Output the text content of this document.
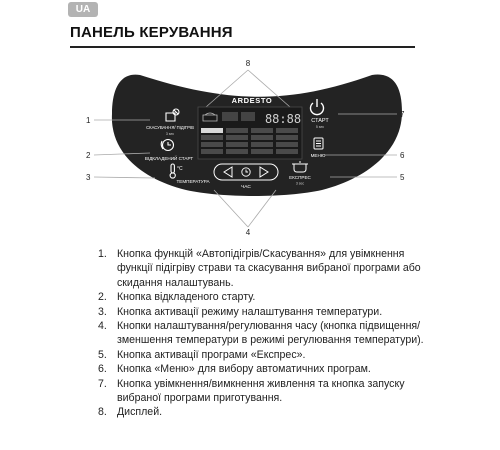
UA
ПАНЕЛЬ КЕРУВАННЯ
8
1
2
3
7
6
5
4
СКАСУВАННЯ/ ПІДІГРІВ
3 sec
ВІДКЛАДЕНИЙ СТАРТ
°C
ТЕМПЕРАТУРА
ARDESTO
88:88
ЧАС
СТАРТ
5 sec
МЕНЮ
ЕКСПРЕС
3 sec
1. Кнопка функцій «Автопідігрів/Скасування» для увімкнення функції підігріву страви та скасування вибраної програми або скидання налаштувань.
2. Кнопка відкладеного старту.
3. Кнопка активації режиму налаштування температури.
4. Кнопки налаштування/регулювання часу (кнопка підвищення/зменшення температури в режимі регулювання температури).
5. Кнопка активації програми «Експрес».
6. Кнопка «Меню» для вибору автоматичних програм.
7. Кнопка увімкнення/вимкнення живлення та кнопка запуску вибраної програми приготування.
8. Дисплей.
